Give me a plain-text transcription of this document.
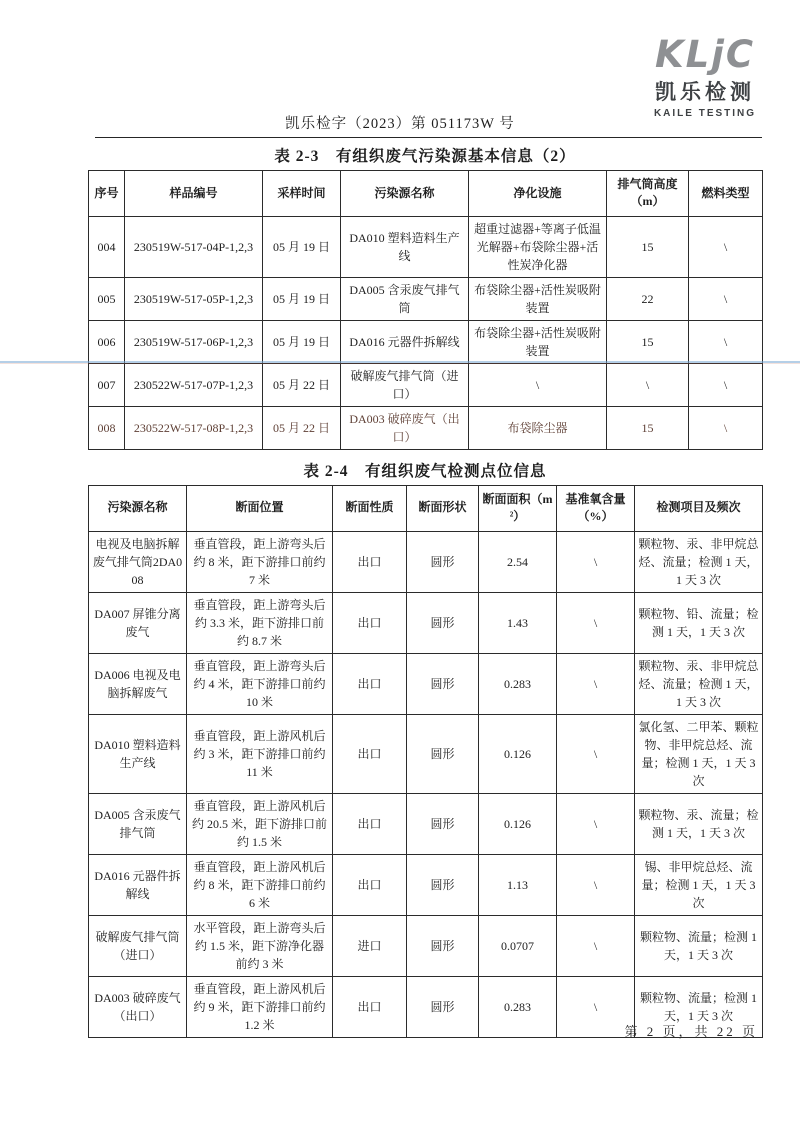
KLjC
凯乐检测
KAILE TESTING
凯乐检字（2023）第 051173W 号
表 2-3　有组织废气污染源基本信息（2）
序号	样品编号	采样时间	污染源名称	净化设施	排气筒高度（m）	燃料类型
004	230519W-517-04P-1,2,3	05 月 19 日	DA010 塑料造料生产线	超重过滤器+等离子低温光解器+布袋除尘器+活性炭净化器	15	\
005	230519W-517-05P-1,2,3	05 月 19 日	DA005 含汞废气排气筒	布袋除尘器+活性炭吸附装置	22	\
006	230519W-517-06P-1,2,3	05 月 19 日	DA016 元器件拆解线	布袋除尘器+活性炭吸附装置	15	\
007	230522W-517-07P-1,2,3	05 月 22 日	破解废气排气筒（进口）	\	\	\
008	230522W-517-08P-1,2,3	05 月 22 日	DA003 破碎废气（出口）	布袋除尘器	15	\
表 2-4　有组织废气检测点位信息
污染源名称	断面位置	断面性质	断面形状	断面面积（m²）	基准氧含量（%）	检测项目及频次
电视及电脑拆解废气排气筒2DA008	垂直管段，距上游弯头后约 8 米，距下游排口前约 7 米	出口	圆形	2.54	\	颗粒物、汞、非甲烷总烃、流量；检测 1 天，1 天 3 次
DA007 屏锥分离废气	垂直管段，距上游弯头后约 3.3 米，距下游排口前约 8.7 米	出口	圆形	1.43	\	颗粒物、铅、流量；检测 1 天，1 天 3 次
DA006 电视及电脑拆解废气	垂直管段，距上游弯头后约 4 米，距下游排口前约 10 米	出口	圆形	0.283	\	颗粒物、汞、非甲烷总烃、流量；检测 1 天，1 天 3 次
DA010 塑料造料生产线	垂直管段，距上游风机后约 3 米，距下游排口前约 11 米	出口	圆形	0.126	\	氯化氢、二甲苯、颗粒物、非甲烷总烃、流量；检测 1 天，1 天 3 次
DA005 含汞废气排气筒	垂直管段，距上游风机后约 20.5 米，距下游排口前约 1.5 米	出口	圆形	0.126	\	颗粒物、汞、流量；检测 1 天，1 天 3 次
DA016 元器件拆解线	垂直管段，距上游风机后约 8 米，距下游排口前约 6 米	出口	圆形	1.13	\	锡、非甲烷总烃、流量；检测 1 天，1 天 3 次
破解废气排气筒（进口）	水平管段，距上游弯头后约 1.5 米，距下游净化器前约 3 米	进口	圆形	0.0707	\	颗粒物、流量；检测 1 天，1 天 3 次
DA003 破碎废气（出口）	垂直管段，距上游风机后约 9 米，距下游排口前约 1.2 米	出口	圆形	0.283	\	颗粒物、流量；检测 1 天，1 天 3 次
第 2 页，共 22 页
